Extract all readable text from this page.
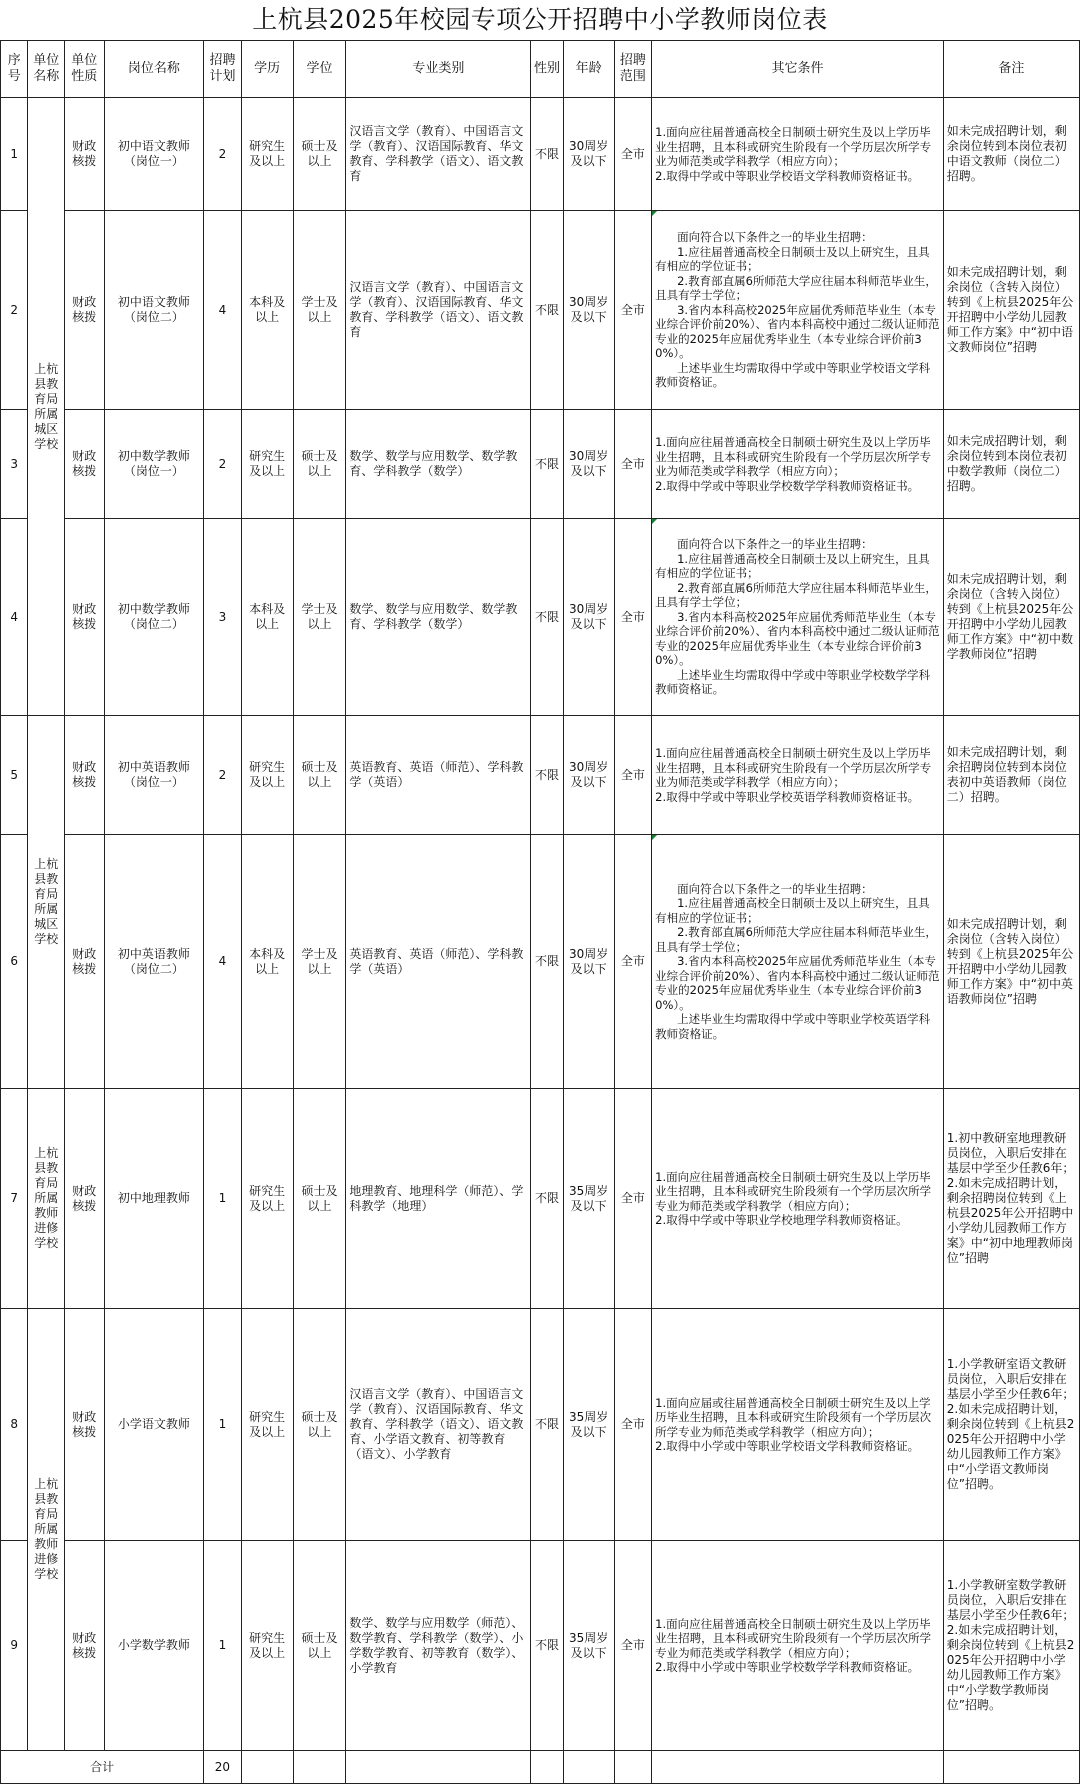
上杭县2025年校园专项公开招聘中小学教师岗位表
序号	单位名称	单位性质	岗位名称	招聘计划	学历	学位	专业类别	性别	年龄	招聘范围	其它条件	备注
1	上杭县教育局所属城区学校	财政核拨	初中语文教师（岗位一）	2	研究生及以上	硕士及以上	汉语言文学（教育）、中国语言文学（教育）、汉语国际教育、华文教育、学科教学（语文）、语文教育	不限	30周岁及以下	全市	1.面向应往届普通高校全日制硕士研究生及以上学历毕业生招聘，且本科或研究生阶段有一个学历层次所学专业为师范类或学科教学（相应方向）；
2.取得中学或中等职业学校语文学科教师资格证书。	如未完成招聘计划，剩余岗位转到本岗位表初中语文教师（岗位二）招聘。
2		财政核拨	初中语文教师（岗位二）	4	本科及以上	学士及以上	汉语言文学（教育）、中国语言文学（教育）、汉语国际教育、华文教育、学科教学（语文）、语文教育	不限	30周岁及以下	全市	面向符合以下条件之一的毕业生招聘：
1.应往届普通高校全日制硕士及以上研究生，且具有相应的学位证书；
2.教育部直属6所师范大学应往届本科师范毕业生，且具有学士学位；
3.省内本科高校2025年应届优秀师范毕业生（本专业综合评价前20%）、省内本科高校中通过二级认证师范专业的2025年应届优秀毕业生（本专业综合评价前30%）。
上述毕业生均需取得中学或中等职业学校语文学科教师资格证。	如未完成招聘计划，剩余岗位（含转入岗位）转到《上杭县2025年公开招聘中小学幼儿园教师工作方案》中“初中语文教师岗位”招聘
3		财政核拨	初中数学教师（岗位一）	2	研究生及以上	硕士及以上	数学、数学与应用数学、数学教育、学科教学（数学）	不限	30周岁及以下	全市	1.面向应往届普通高校全日制硕士研究生及以上学历毕业生招聘，且本科或研究生阶段有一个学历层次所学专业为师范类或学科教学（相应方向）；
2.取得中学或中等职业学校数学学科教师资格证书。	如未完成招聘计划，剩余岗位转到本岗位表初中数学教师（岗位二）招聘。
4		财政核拨	初中数学教师（岗位二）	3	本科及以上	学士及以上	数学、数学与应用数学、数学教育、学科教学（数学）	不限	30周岁及以下	全市	面向符合以下条件之一的毕业生招聘：
1.应往届普通高校全日制硕士及以上研究生，且具有相应的学位证书；
2.教育部直属6所师范大学应往届本科师范毕业生，且具有学士学位；
3.省内本科高校2025年应届优秀师范毕业生（本专业综合评价前20%）、省内本科高校中通过二级认证师范专业的2025年应届优秀毕业生（本专业综合评价前30%）。
上述毕业生均需取得中学或中等职业学校数学学科教师资格证。	如未完成招聘计划，剩余岗位（含转入岗位）转到《上杭县2025年公开招聘中小学幼儿园教师工作方案》中“初中数学教师岗位”招聘
5	上杭县教育局所属城区学校	财政核拨	初中英语教师（岗位一）	2	研究生及以上	硕士及以上	英语教育、英语（师范）、学科教学（英语）	不限	30周岁及以下	全市	1.面向应往届普通高校全日制硕士研究生及以上学历毕业生招聘，且本科或研究生阶段有一个学历层次所学专业为师范类或学科教学（相应方向）；
2.取得中学或中等职业学校英语学科教师资格证书。	如未完成招聘计划，剩余招聘岗位转到本岗位表初中英语教师（岗位二）招聘。
6		财政核拨	初中英语教师（岗位二）	4	本科及以上	学士及以上	英语教育、英语（师范）、学科教学（英语）	不限	30周岁及以下	全市	面向符合以下条件之一的毕业生招聘：
1.应往届普通高校全日制硕士及以上研究生，且具有相应的学位证书；
2.教育部直属6所师范大学应往届本科师范毕业生，且具有学士学位；
3.省内本科高校2025年应届优秀师范毕业生（本专业综合评价前20%）、省内本科高校中通过二级认证师范专业的2025年应届优秀毕业生（本专业综合评价前30%）。
上述毕业生均需取得中学或中等职业学校英语学科教师资格证。	如未完成招聘计划，剩余岗位（含转入岗位）转到《上杭县2025年公开招聘中小学幼儿园教师工作方案》中“初中英语教师岗位”招聘
7	上杭县教育局所属教师进修学校	财政核拨	初中地理教师	1	研究生及以上	硕士及以上	地理教育、地理科学（师范）、学科教学（地理）	不限	35周岁及以下	全市	1.面向应往届普通高校全日制硕士研究生及以上学历毕业生招聘，且本科或研究生阶段须有一个学历层次所学专业为师范类或学科教学（相应方向）；
2.取得中学或中等职业学校地理学科教师资格证。	1.初中教研室地理教研员岗位，入职后安排在基层中学至少任教6年；
2.如未完成招聘计划，剩余招聘岗位转到《上杭县2025年公开招聘中小学幼儿园教师工作方案》中“初中地理教师岗位”招聘
8	上杭县教育局所属教师进修学校	财政核拨	小学语文教师	1	研究生及以上	硕士及以上	汉语言文学（教育）、中国语言文学（教育）、汉语国际教育、华文教育、学科教学（语文）、语文教育、小学语文教育、初等教育（语文）、小学教育	不限	35周岁及以下	全市	1.面向应届或往届普通高校全日制硕士研究生及以上学历毕业生招聘，且本科或研究生阶段须有一个学历层次所学专业为师范类或学科教学（相应方向）；
2.取得中小学或中等职业学校语文学科教师资格证。	1.小学教研室语文教研员岗位，入职后安排在基层小学至少任教6年；
2.如未完成招聘计划，剩余岗位转到《上杭县2025年公开招聘中小学幼儿园教师工作方案》中“小学语文教师岗位”招聘。
9		财政核拨	小学数学教师	1	研究生及以上	硕士及以上	数学、数学与应用数学（师范）、数学教育、学科教学（数学）、小学数学教育、初等教育（数学）、小学教育	不限	35周岁及以下	全市	1.面向应往届普通高校全日制硕士研究生及以上学历毕业生招聘，且本科或研究生阶段须有一个学历层次所学专业为师范类或学科教学（相应方向）；
2.取得中小学或中等职业学校数学学科教师资格证。	1.小学教研室数学教研员岗位，入职后安排在基层小学至少任教6年；
2.如未完成招聘计划，剩余岗位转到《上杭县2025年公开招聘中小学幼儿园教师工作方案》中“小学数学教师岗位”招聘。
合计				20								
